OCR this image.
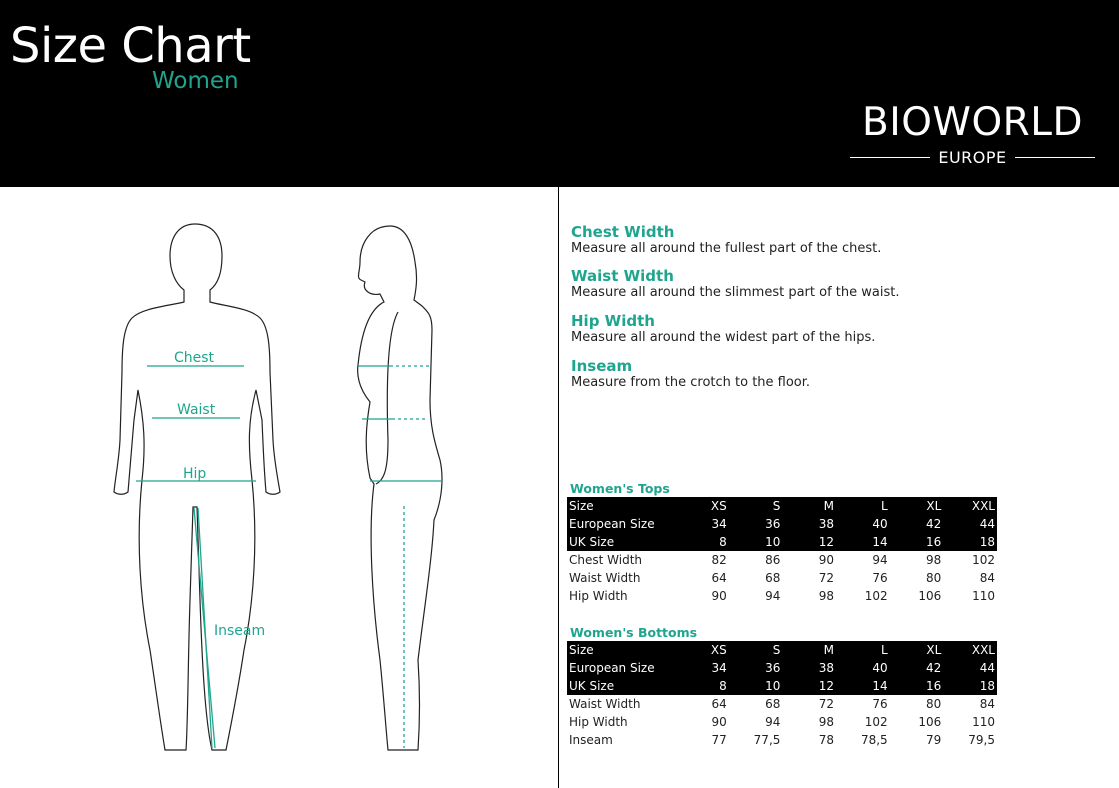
Size Chart
Women
BIOWORLD
EUROPE
Chest
Waist
Hip
Inseam
Chest Width
Measure all around the fullest part of the chest.
Waist Width
Measure all around the slimmest part of the waist.
Hip Width
Measure all around the widest part of the hips.
Inseam
Measure from the crotch to the floor.
Women's Tops
Size	XS	S	M	L	XL	XXL
European Size	34	36	38	40	42	44
UK Size	8	10	12	14	16	18
Chest Width	82	86	90	94	98	102
Waist Width	64	68	72	76	80	84
Hip Width	90	94	98	102	106	110
Women's Bottoms
Size	XS	S	M	L	XL	XXL
European Size	34	36	38	40	42	44
UK Size	8	10	12	14	16	18
Waist Width	64	68	72	76	80	84
Hip Width	90	94	98	102	106	110
Inseam	77	77,5	78	78,5	79	79,5
